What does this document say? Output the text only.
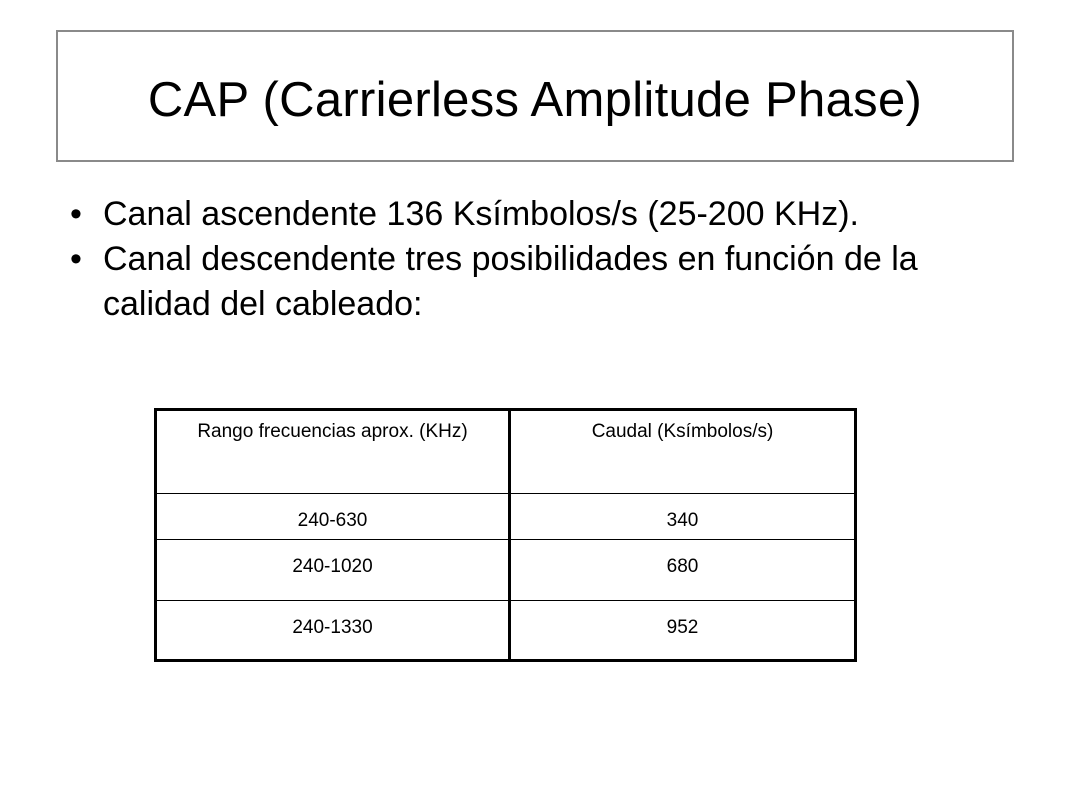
CAP (Carrierless Amplitude Phase)
• Canal ascendente 136 Ksímbolos/s (25-200 KHz).
• Canal descendente tres posibilidades en función de la calidad del cableado:
Rango frecuencias aprox. (KHz)	Caudal (Ksímbolos/s)
240-630	340
240-1020	680
240-1330	952
